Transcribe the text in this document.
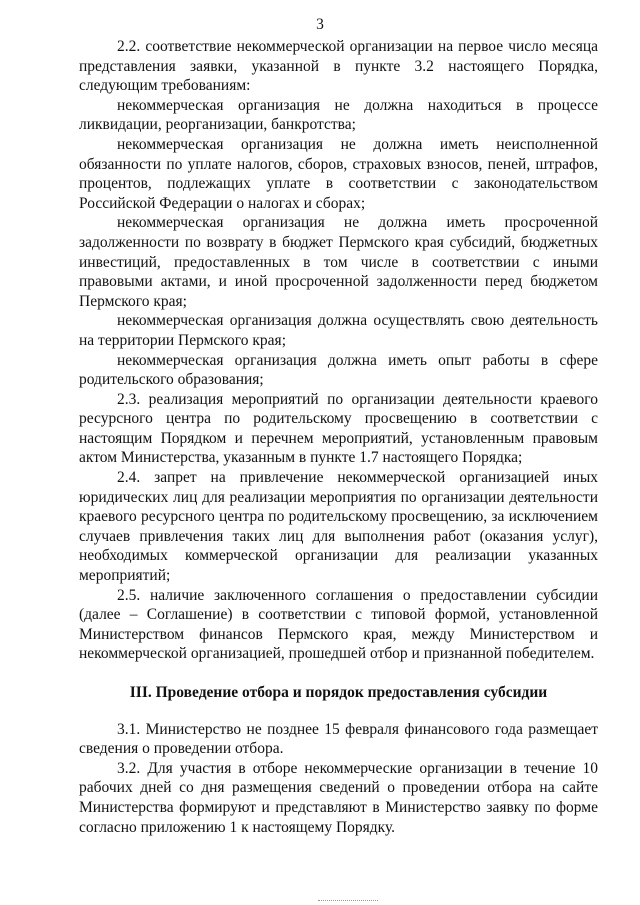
3

2.2. соответствие некоммерческой организации на первое число месяца представления заявки, указанной в пункте 3.2 настоящего Порядка, следующим требованиям:

некоммерческая организация не должна находиться в процессе ликвидации, реорганизации, банкротства;

некоммерческая организация не должна иметь неисполненной обязанности по уплате налогов, сборов, страховых взносов, пеней, штрафов, процентов, подлежащих уплате в соответствии с законодательством Российской Федерации о налогах и сборах;

некоммерческая организация не должна иметь просроченной задолженности по возврату в бюджет Пермского края субсидий, бюджетных инвестиций, предоставленных в том числе в соответствии с иными правовыми актами, и иной просроченной задолженности перед бюджетом Пермского края;

некоммерческая организация должна осуществлять свою деятельность на территории Пермского края;

некоммерческая организация должна иметь опыт работы в сфере родительского образования;

2.3. реализация мероприятий по организации деятельности краевого ресурсного центра по родительскому просвещению в соответствии с настоящим Порядком и перечнем мероприятий, установленным правовым актом Министерства, указанным в пункте 1.7 настоящего Порядка;

2.4. запрет на привлечение некоммерческой организацией иных юридических лиц для реализации мероприятия по организации деятельности краевого ресурсного центра по родительскому просвещению, за исключением случаев привлечения таких лиц для выполнения работ (оказания услуг), необходимых коммерческой организации для реализации указанных мероприятий;

2.5. наличие заключенного соглашения о предоставлении субсидии (далее – Соглашение) в соответствии с типовой формой, установленной Министерством финансов Пермского края, между Министерством и некоммерческой организацией, прошедшей отбор и признанной победителем.

III. Проведение отбора и порядок предоставления субсидии

3.1. Министерство не позднее 15 февраля финансового года размещает сведения о проведении отбора.

3.2. Для участия в отборе некоммерческие организации в течение 10 рабочих дней со дня размещения сведений о проведении отбора на сайте Министерства формируют и представляют в Министерство заявку по форме согласно приложению 1 к настоящему Порядку.
